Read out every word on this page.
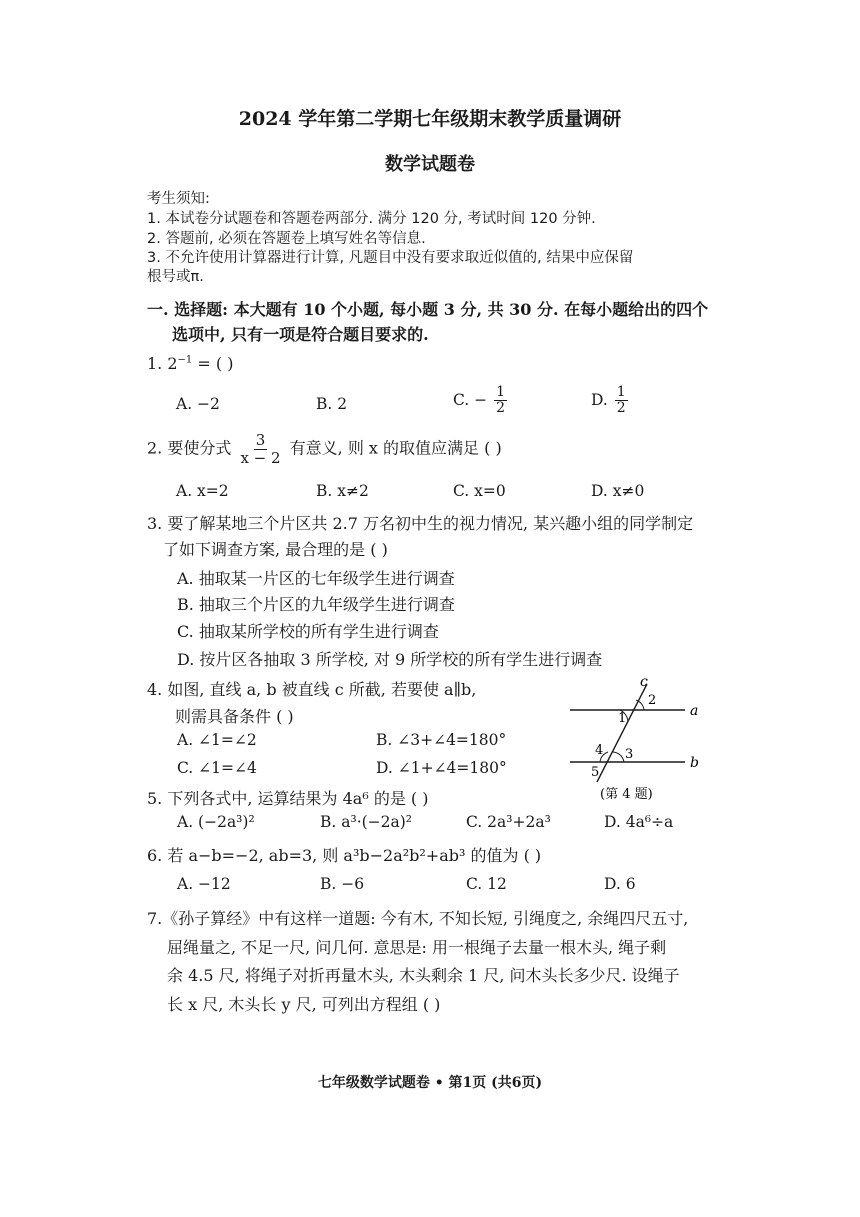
2024 学年第二学期七年级期末教学质量调研
数学试题卷
考生须知:
1. 本试卷分试题卷和答题卷两部分. 满分 120 分, 考试时间 120 分钟.
2. 答题前, 必须在答题卷上填写姓名等信息.
3. 不允许使用计算器进行计算, 凡题目中没有要求取近似值的, 结果中应保留
根号或π.
一. 选择题: 本大题有 10 个小题, 每小题 3 分, 共 30 分. 在每小题给出的四个
选项中, 只有一项是符合题目要求的.
1. $2^{-1}$ = ( )
A. −2	B. 2	C. − $\frac{1}{2}$	D. $\frac{1}{2}$
2. 要使分式 $\frac{3}{x - 2}$ 有意义, 则 x 的取值应满足 ( )
A. x=2	B. x≠2	C. x=0	D. x≠0
3. 要了解某地三个片区共 2.7 万名初中生的视力情况, 某兴趣小组的同学制定
了如下调查方案, 最合理的是 ( )
A. 抽取某一片区的七年级学生进行调查
B. 抽取三个片区的九年级学生进行调查
C. 抽取某所学校的所有学生进行调查
D. 按片区各抽取 3 所学校, 对 9 所学校的所有学生进行调查
4. 如图, 直线 a, b 被直线 c 所截, 若要使 a∥b,
则需具备条件 ( )
A. ∠1=∠2	B. ∠3+∠4=180°
C. ∠1=∠4	D. ∠1+∠4=180°
c
a
b
1
2
3
4
5
(第 4 题)
5. 下列各式中, 运算结果为 4a⁶ 的是 ( )
A. (−2a³)²	B. a³·(−2a)²	C. 2a³+2a³	D. 4a⁶÷a
6. 若 a−b=−2, ab=3, 则 a³b−2a²b²+ab³ 的值为 ( )
A. −12	B. −6	C. 12	D. 6
7.《孙子算经》中有这样一道题: 今有木, 不知长短, 引绳度之, 余绳四尺五寸,
屈绳量之, 不足一尺, 问几何. 意思是: 用一根绳子去量一根木头, 绳子剩
余 4.5 尺, 将绳子对折再量木头, 木头剩余 1 尺, 问木头长多少尺. 设绳子
长 x 尺, 木头长 y 尺, 可列出方程组 ( )
七年级数学试题卷 • 第1页 (共6页)
